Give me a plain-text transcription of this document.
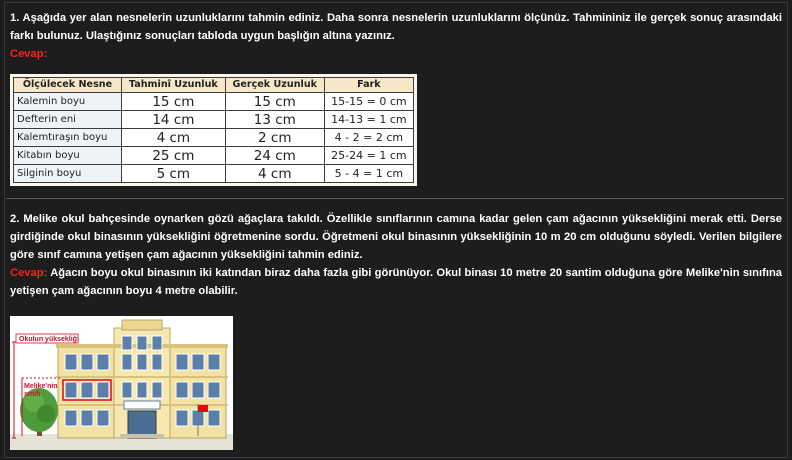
1. Aşağıda yer alan nesnelerin uzunluklarını tahmin ediniz. Daha sonra nesnelerin uzunluklarını ölçünüz. Tahmininiz ile gerçek sonuç arasındaki farkı bulunuz. Ulaştığınız sonuçları tabloda uygun başlığın altına yazınız.
Cevap:
Ölçülecek Nesne	Tahminî Uzunluk	Gerçek Uzunluk	Fark
Kalemin boyu	15 cm	15 cm	15-15 = 0 cm
Defterin eni	14 cm	13 cm	14-13 = 1 cm
Kalemtıraşın boyu	4 cm	2 cm	4 - 2 = 2 cm
Kitabın boyu	25 cm	24 cm	25-24 = 1 cm
Silginin boyu	5 cm	4 cm	5 - 4 = 1 cm
2. Melike okul bahçesinde oynarken gözü ağaçlara takıldı. Özellikle sınıflarının camına kadar gelen çam ağacının yüksekliğini merak etti. Derse girdiğinde okul binasının yüksekliğini öğretmenine sordu. Öğretmeni okul binasının yüksekliğinin 10 m 20 cm olduğunu söyledi. Verilen bilgilere göre sınıf camına yetişen çam ağacının yüksekliğini tahmin ediniz.
Cevap: Ağacın boyu okul binasının iki katından biraz daha fazla gibi görünüyor. Okul binası 10 metre 20 santim olduğuna göre Melike'nin sınıfına yetişen çam ağacının boyu 4 metre olabilir.
Okulun yüksekliği
Melike'nin
sınıfı
